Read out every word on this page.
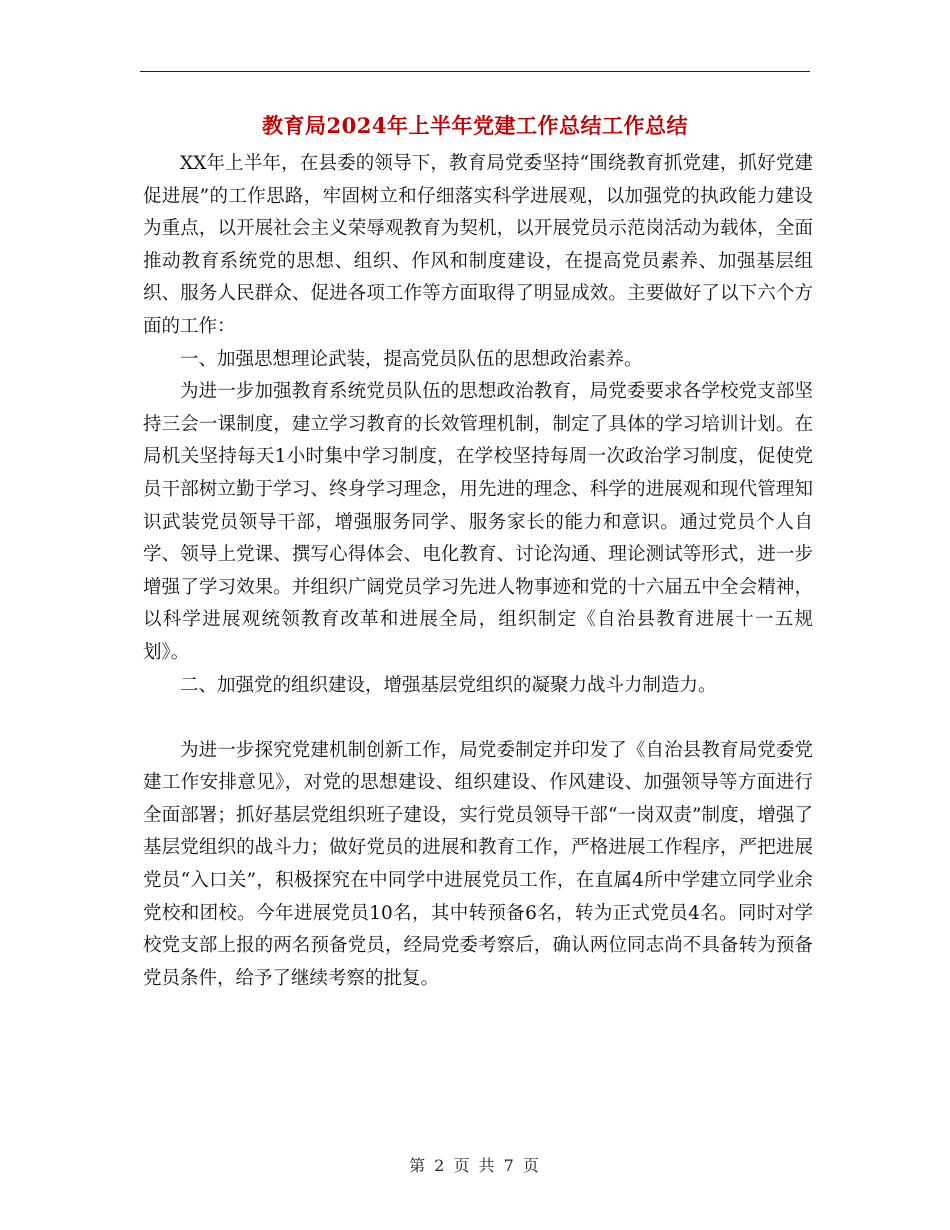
教育局2024年上半年党建工作总结工作总结

XX年上半年，在县委的领导下，教育局党委坚持“围绕教育抓党建，抓好党建促进展”的工作思路，牢固树立和仔细落实科学进展观，以加强党的执政能力建设为重点，以开展社会主义荣辱观教育为契机，以开展党员示范岗活动为载体，全面推动教育系统党的思想、组织、作风和制度建设，在提高党员素养、加强基层组织、服务人民群众、促进各项工作等方面取得了明显成效。主要做好了以下六个方面的工作：

一、加强思想理论武装，提高党员队伍的思想政治素养。

为进一步加强教育系统党员队伍的思想政治教育，局党委要求各学校党支部坚持三会一课制度，建立学习教育的长效管理机制，制定了具体的学习培训计划。在局机关坚持每天1小时集中学习制度，在学校坚持每周一次政治学习制度，促使党员干部树立勤于学习、终身学习理念，用先进的理念、科学的进展观和现代管理知识武装党员领导干部，增强服务同学、服务家长的能力和意识。通过党员个人自学、领导上党课、撰写心得体会、电化教育、讨论沟通、理论测试等形式，进一步增强了学习效果。并组织广阔党员学习先进人物事迹和党的十六届五中全会精神，以科学进展观统领教育改革和进展全局，组织制定《自治县教育进展十一五规划》。

二、加强党的组织建设，增强基层党组织的凝聚力战斗力制造力。

为进一步探究党建机制创新工作，局党委制定并印发了《自治县教育局党委党建工作安排意见》，对党的思想建设、组织建设、作风建设、加强领导等方面进行全面部署；抓好基层党组织班子建设，实行党员领导干部“一岗双责”制度，增强了基层党组织的战斗力；做好党员的进展和教育工作，严格进展工作程序，严把进展党员“入口关”，积极探究在中同学中进展党员工作，在直属4所中学建立同学业余党校和团校。今年进展党员10名，其中转预备6名，转为正式党员4名。同时对学校党支部上报的两名预备党员，经局党委考察后，确认两位同志尚不具备转为预备党员条件，给予了继续考察的批复。

第 2 页 共 7 页
